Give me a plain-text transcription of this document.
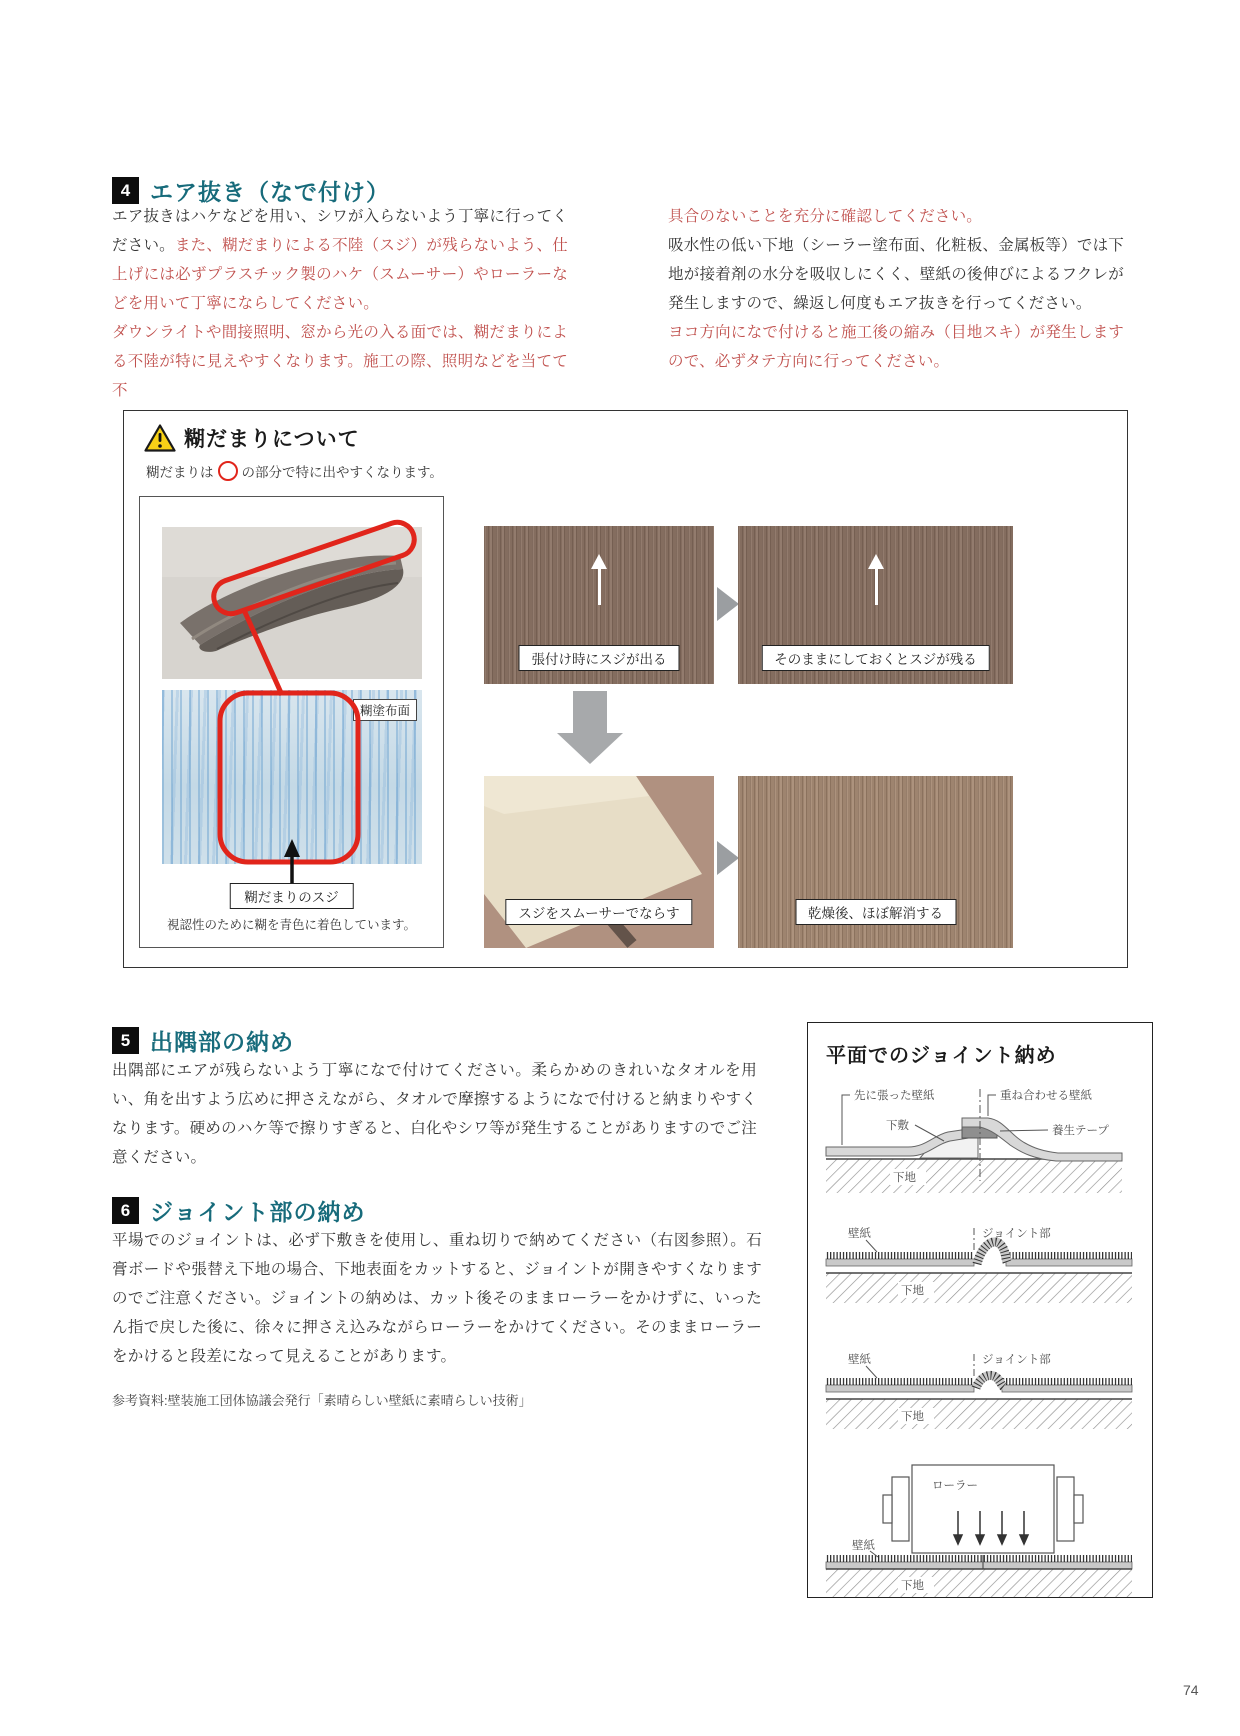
4 エア抜き（なで付け）

エア抜きはハケなどを用い、シワが入らないよう丁寧に行ってください。また、糊だまりによる不陸（スジ）が残らないよう、仕上げには必ずプラスチック製のハケ（スムーサー）やローラーなどを用いて丁寧にならしてください。

ダウンライトや間接照明、窓から光の入る面では、糊だまりによる不陸が特に見えやすくなります。施工の際、照明などを当てて不

具合のないことを充分に確認してください。

吸水性の低い下地（シーラー塗布面、化粧板、金属板等）では下地が接着剤の水分を吸収しにくく、壁紙の後伸びによるフクレが発生しますので、繰返し何度もエア抜きを行ってください。

ヨコ方向になで付けると施工後の縮み（目地スキ）が発生しますので、必ずタテ方向に行ってください。

糊だまりについて
糊だまりは の部分で特に出やすくなります。
糊塗布面
糊だまりのスジ
視認性のために糊を青色に着色しています。
張付け時にスジが出る	そのままにしておくとスジが残る
スジをスムーサーでならす	乾燥後、ほぼ解消する
5 出隅部の納め

出隅部にエアが残らないよう丁寧になで付けてください。柔らかめのきれいなタオルを用い、角を出すよう広めに押さえながら、タオルで摩擦するようになで付けると納まりやすくなります。硬めのハケ等で擦りすぎると、白化やシワ等が発生することがありますのでご注意ください。

6 ジョイント部の納め

平場でのジョイントは、必ず下敷きを使用し、重ね切りで納めてください（右図参照）。石膏ボードや張替え下地の場合、下地表面をカットすると、ジョイントが開きやすくなりますのでご注意ください。ジョイントの納めは、カット後そのままローラーをかけずに、いったん指で戻した後に、徐々に押さえ込みながらローラーをかけてください。そのままローラーをかけると段差になって見えることがあります。

参考資料:壁装施工団体協議会発行「素晴らしい壁紙に素晴らしい技術」
平面でのジョイント納め
先に張った壁紙	重ね合わせる壁紙
下敷	養生テープ
下地
壁紙	ジョイント部
下地
壁紙	ジョイント部
下地
ローラー
壁紙
下地
74
